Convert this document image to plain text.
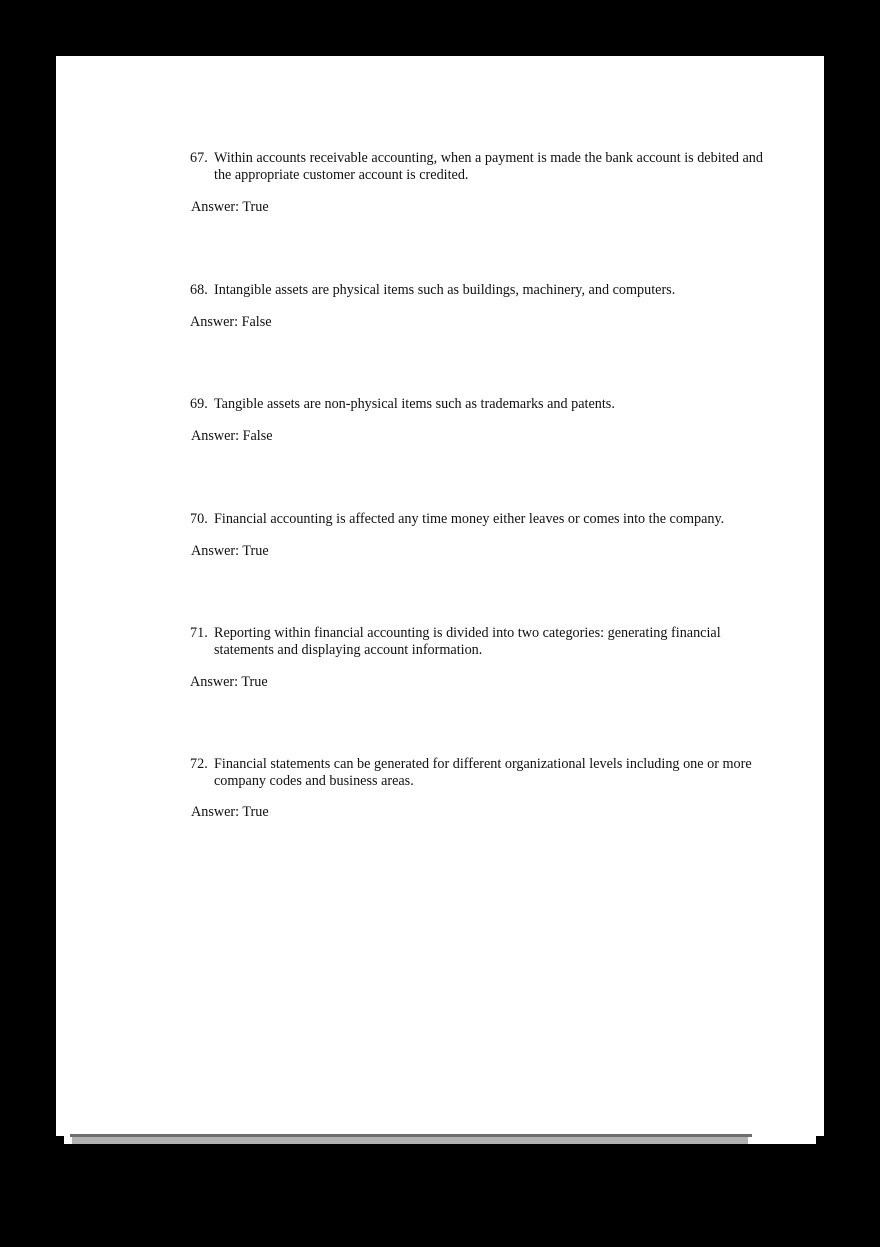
67. Within accounts receivable accounting, when a payment is made the bank account is debited and the appropriate customer account is credited.
Answer: True
68. Intangible assets are physical items such as buildings, machinery, and computers.
Answer: False
69. Tangible assets are non-physical items such as trademarks and patents.
Answer: False
70. Financial accounting is affected any time money either leaves or comes into the company.
Answer: True
71. Reporting within financial accounting is divided into two categories: generating financial statements and displaying account information.
Answer: True
72. Financial statements can be generated for different organizational levels including one or more company codes and business areas.
Answer: True
